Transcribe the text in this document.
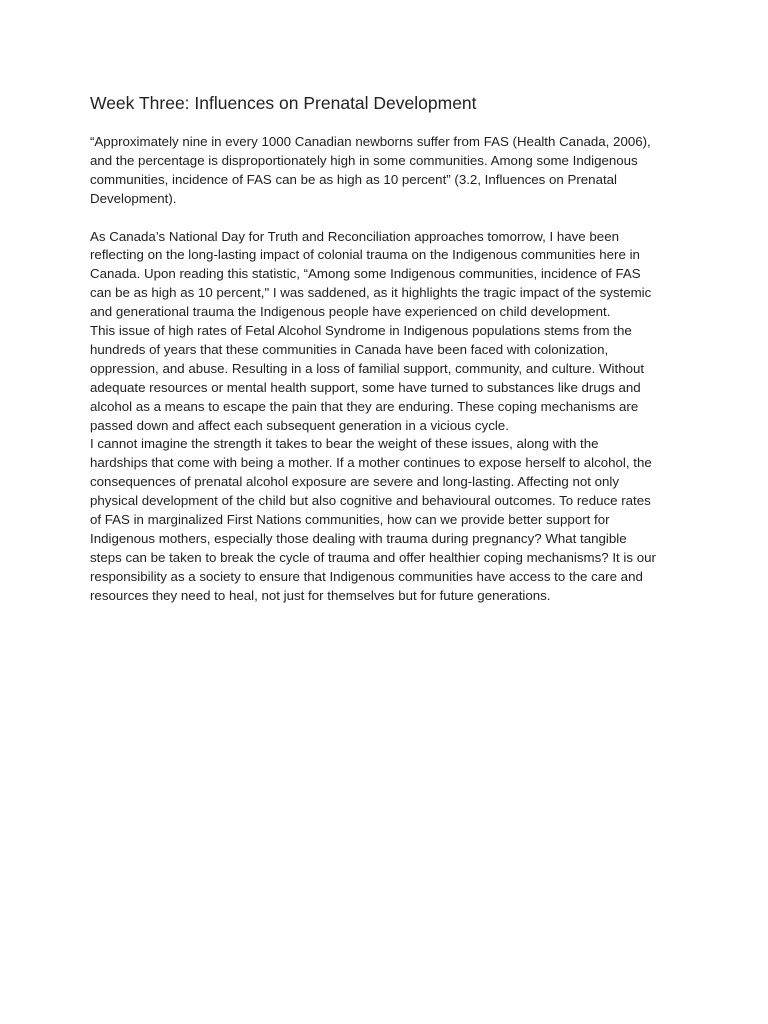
Week Three: Influences on Prenatal Development

“Approximately nine in every 1000 Canadian newborns suffer from FAS (Health Canada, 2006),
and the percentage is disproportionately high in some communities. Among some Indigenous
communities, incidence of FAS can be as high as 10 percent” (3.2, Influences on Prenatal
Development).

As Canada’s National Day for Truth and Reconciliation approaches tomorrow, I have been
reflecting on the long-lasting impact of colonial trauma on the Indigenous communities here in
Canada. Upon reading this statistic, “Among some Indigenous communities, incidence of FAS
can be as high as 10 percent," I was saddened, as it highlights the tragic impact of the systemic
and generational trauma the Indigenous people have experienced on child development.

This issue of high rates of Fetal Alcohol Syndrome in Indigenous populations stems from the
hundreds of years that these communities in Canada have been faced with colonization,
oppression, and abuse. Resulting in a loss of familial support, community, and culture. Without
adequate resources or mental health support, some have turned to substances like drugs and
alcohol as a means to escape the pain that they are enduring. These coping mechanisms are
passed down and affect each subsequent generation in a vicious cycle.

I cannot imagine the strength it takes to bear the weight of these issues, along with the
hardships that come with being a mother. If a mother continues to expose herself to alcohol, the
consequences of prenatal alcohol exposure are severe and long-lasting. Affecting not only
physical development of the child but also cognitive and behavioural outcomes. To reduce rates
of FAS in marginalized First Nations communities, how can we provide better support for
Indigenous mothers, especially those dealing with trauma during pregnancy? What tangible
steps can be taken to break the cycle of trauma and offer healthier coping mechanisms? It is our
responsibility as a society to ensure that Indigenous communities have access to the care and
resources they need to heal, not just for themselves but for future generations.
